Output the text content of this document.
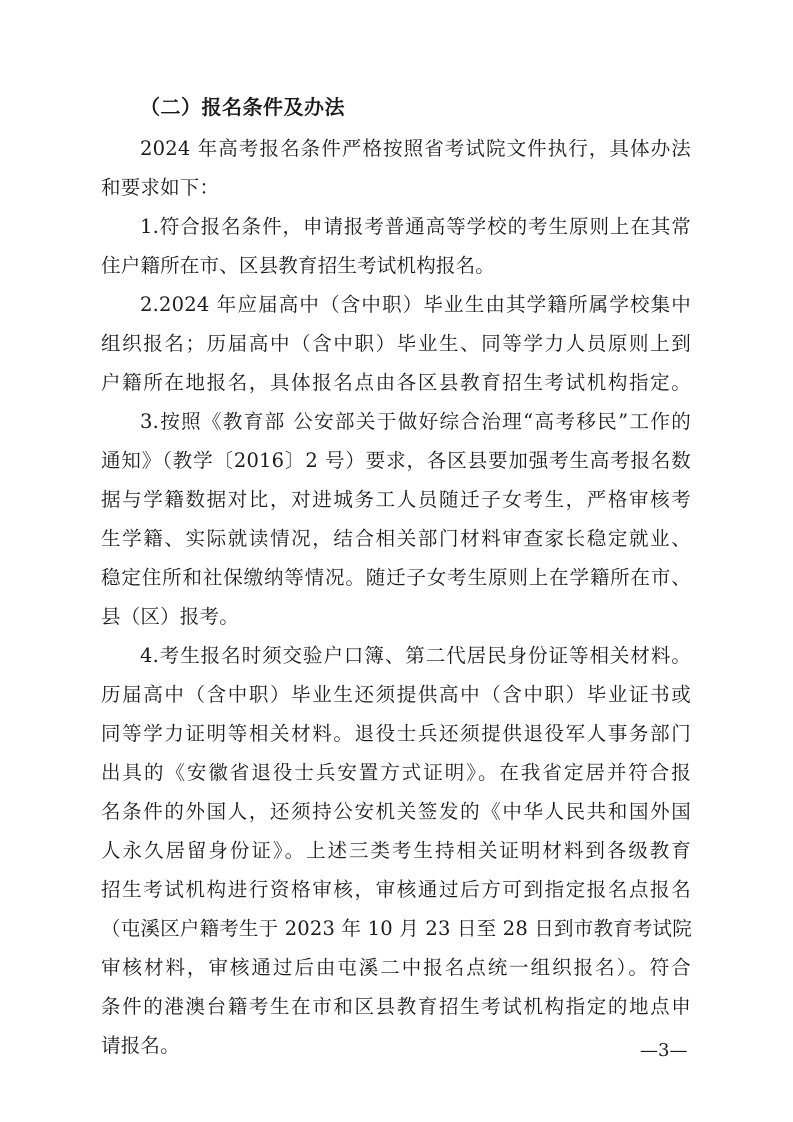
（二）报名条件及办法
2024 年高考报名条件严格按照省考试院文件执行，具体办法
和要求如下：
1.符合报名条件，申请报考普通高等学校的考生原则上在其常
住户籍所在市、区县教育招生考试机构报名。
2.2024 年应届高中（含中职）毕业生由其学籍所属学校集中
组织报名；历届高中（含中职）毕业生、同等学力人员原则上到
户籍所在地报名，具体报名点由各区县教育招生考试机构指定。
3.按照《教育部 公安部关于做好综合治理“高考移民”工作的
通知》（教学〔2016〕2 号）要求，各区县要加强考生高考报名数
据与学籍数据对比，对进城务工人员随迁子女考生，严格审核考
生学籍、实际就读情况，结合相关部门材料审查家长稳定就业、
稳定住所和社保缴纳等情况。随迁子女考生原则上在学籍所在市、
县（区）报考。
4.考生报名时须交验户口簿、第二代居民身份证等相关材料。
历届高中（含中职）毕业生还须提供高中（含中职）毕业证书或
同等学力证明等相关材料。退役士兵还须提供退役军人事务部门
出具的《安徽省退役士兵安置方式证明》。在我省定居并符合报
名条件的外国人，还须持公安机关签发的《中华人民共和国外国
人永久居留身份证》。上述三类考生持相关证明材料到各级教育
招生考试机构进行资格审核，审核通过后方可到指定报名点报名
（屯溪区户籍考生于 2023 年 10 月 23 日至 28 日到市教育考试院
审核材料，审核通过后由屯溪二中报名点统一组织报名）。符合
条件的港澳台籍考生在市和区县教育招生考试机构指定的地点申
请报名。	—3—
